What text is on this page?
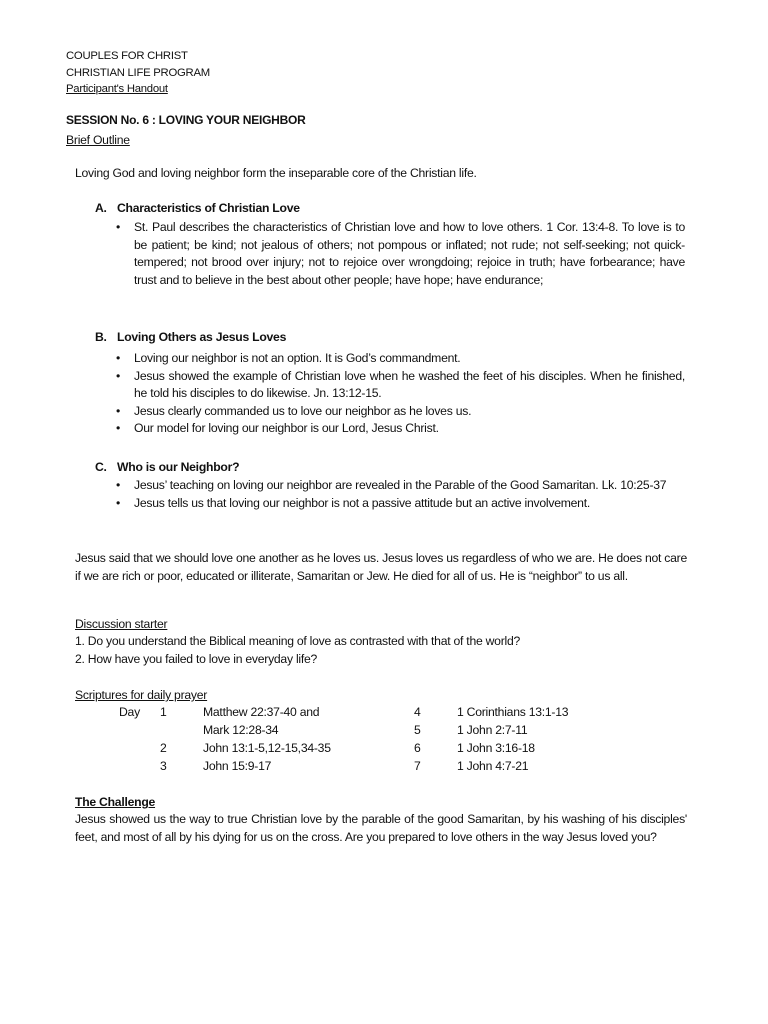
COUPLES FOR CHRIST
CHRISTIAN LIFE PROGRAM
Participant's Handout
SESSION No. 6 : LOVING YOUR NEIGHBOR
Brief Outline
Loving God and loving neighbor form the inseparable core of the Christian life.
A. Characteristics of Christian Love
• St. Paul describes the characteristics of Christian love and how to love others. 1 Cor. 13:4-8. To love is to be patient; be kind; not jealous of others; not pompous or inflated; not rude; not self-seeking; not quick-tempered; not brood over injury; not to rejoice over wrongdoing; rejoice in truth; have forbearance; have trust and to believe in the best about other people; have hope; have endurance;
B. Loving Others as Jesus Loves
• Loving our neighbor is not an option. It is God’s commandment.
• Jesus showed the example of Christian love when he washed the feet of his disciples. When he finished, he told his disciples to do likewise. Jn. 13:12-15.
• Jesus clearly commanded us to love our neighbor as he loves us.
• Our model for loving our neighbor is our Lord, Jesus Christ.
C. Who is our Neighbor?
• Jesus’ teaching on loving our neighbor are revealed in the Parable of the Good Samaritan. Lk. 10:25-37
• Jesus tells us that loving our neighbor is not a passive attitude but an active involvement.
Jesus said that we should love one another as he loves us. Jesus loves us regardless of who we are. He does not care if we are rich or poor, educated or illiterate, Samaritan or Jew. He died for all of us. He is “neighbor” to us all.
Discussion starter
1. Do you understand the Biblical meaning of love as contrasted with that of the world?
2. How have you failed to love in everyday life?
Scriptures for daily prayer
Day 1	Matthew 22:37-40 and
Mark 12:28-34
2	John 13:1-5,12-15,34-35
3	John 15:9-17
4	1 Corinthians 13:1-13
5	1 John 2:7-11
6	1 John 3:16-18
7	1 John 4:7-21
The Challenge
Jesus showed us the way to true Christian love by the parable of the good Samaritan, by his washing of his disciples' feet, and most of all by his dying for us on the cross. Are you prepared to love others in the way Jesus loved you?
